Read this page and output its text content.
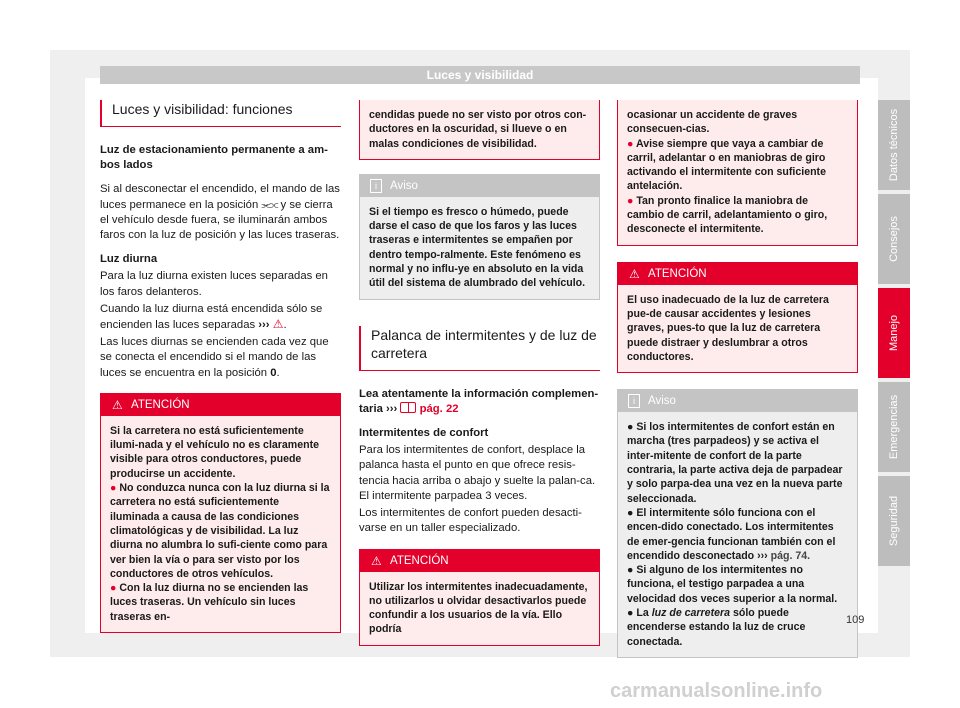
Luces y visibilidad
Luces y visibilidad: funciones

Luz de estacionamiento permanente a am-
bos lados

Si al desconectar el encendido, el mando de las luces permanece en la posición ⫘⫗ y se cierra el vehículo desde fuera, se iluminarán ambos faros con la luz de posición y las luces traseras.

Luz diurna

Para la luz diurna existen luces separadas en los faros delanteros.

Cuando la luz diurna está encendida sólo se encienden las luces separadas ››› ⚠.

Las luces diurnas se encienden cada vez que se conecta el encendido si el mando de las luces se encuentra en la posición 0.

⚠ ATENCIÓN
Si la carretera no está suficientemente ilumi-nada y el vehículo no es claramente visible para otros conductores, puede producirse un accidente.
● No conduzca nunca con la luz diurna si la carretera no está suficientemente iluminada a causa de las condiciones climatológicas y de visibilidad. La luz diurna no alumbra lo sufi-ciente como para ver bien la vía o para ser visto por los conductores de otros vehículos.
● Con la luz diurna no se encienden las luces traseras. Un vehículo sin luces traseras en-
cendidas puede no ser visto por otros con-ductores en la oscuridad, si llueve o en malas condiciones de visibilidad.
i	Aviso
Si el tiempo es fresco o húmedo, puede darse el caso de que los faros y las luces traseras e intermitentes se empañen por dentro tempo-ralmente. Este fenómeno es normal y no influ-ye en absoluto en la vida útil del sistema de alumbrado del vehículo.
Palanca de intermitentes y de luz de carretera

Lea atentamente la información complemen-taria ››› pág. 22

Intermitentes de confort

Para los intermitentes de confort, desplace la palanca hasta el punto en que ofrece resis-tencia hacia arriba o abajo y suelte la palan-ca. El intermitente parpadea 3 veces.

Los intermitentes de confort pueden desacti-varse en un taller especializado.

⚠ ATENCIÓN
Utilizar los intermitentes inadecuadamente, no utilizarlos u olvidar desactivarlos puede confundir a los usuarios de la vía. Ello podría
ocasionar un accidente de graves consecuen-cias.
● Avise siempre que vaya a cambiar de carril, adelantar o en maniobras de giro activando el intermitente con suficiente antelación.
● Tan pronto finalice la maniobra de cambio de carril, adelantamiento o giro, desconecte el intermitente.
⚠ ATENCIÓN
El uso inadecuado de la luz de carretera pue-de causar accidentes y lesiones graves, pues-to que la luz de carretera puede distraer y deslumbrar a otros conductores.
i	Aviso
● Si los intermitentes de confort están en marcha (tres parpadeos) y se activa el inter-mitente de confort de la parte contraria, la parte activa deja de parpadear y solo parpa-dea una vez en la nueva parte seleccionada.
● El intermitente sólo funciona con el encen-dido conectado. Los intermitentes de emer-gencia funcionan también con el encendido desconectado ››› pág. 74.
● Si alguno de los intermitentes no funciona, el testigo parpadea a una velocidad dos veces superior a la normal.
● La luz de carretera sólo puede encenderse estando la luz de cruce conectada.
Datos técnicos
Consejos
Manejo
Emergencias
Seguridad
109
carmanualsonline.info
